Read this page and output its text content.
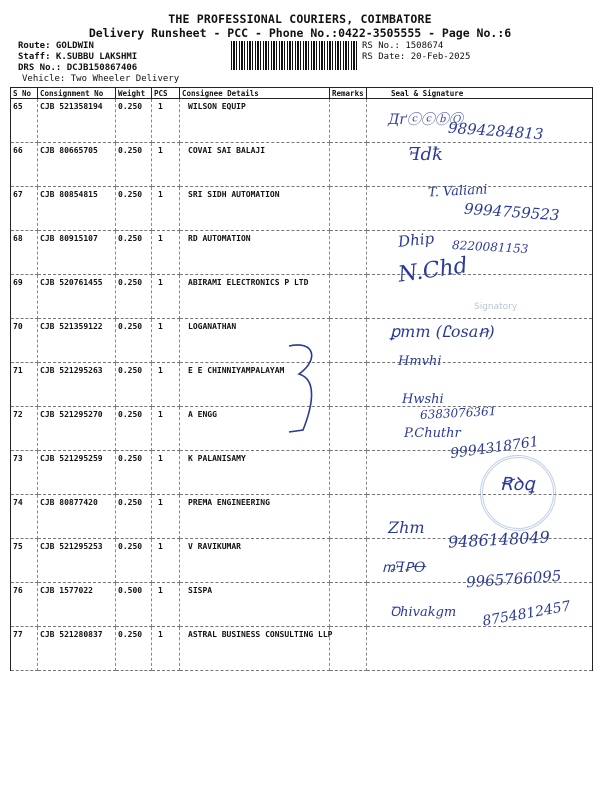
THE PROFESSIONAL COURIERS, COIMBATORE
Delivery Runsheet - PCC - Phone No.:0422-3505555 - Page No.:6
Route: GOLDWIN
Staff: K.SUBBU LAKSHMI
DRS No.: DCJB150867406
Vehicle: Two Wheeler Delivery
RS No.: 1508674
RS Date: 20-Feb-2025
S No	Consignment No	Weight	PCS	Consignee Details	Remarks	Seal & Signature
65	CJB 521358194	0.250	1	WILSON EQUIP		
66	CJB 80665705	0.250	1	COVAI SAI BALAJI		
67	CJB 80854815	0.250	1	SRI SIDH AUTOMATION		
68	CJB 80915107	0.250	1	RD AUTOMATION		
69	CJB 520761455	0.250	1	ABIRAMI ELECTRONICS P LTD		
70	CJB 521359122	0.250	1	LOGANATHAN		
71	CJB 521295263	0.250	1	E E CHINNIYAMPALAYAM		
72	CJB 521295270	0.250	1	A ENGG		
73	CJB 521295259	0.250	1	K PALANISAMY		
74	CJB 80877420	0.250	1	PREMA ENGINEERING		
75	CJB 521295253	0.250	1	V RAVIKUMAR		
76	CJB 1577022	0.500	1	SISPA		
77	CJB 521280837	0.250	1	ASTRAL BUSINESS CONSULTING LLP		
ДґⓒⓒⓑⓄ
9894284813
ꟻdꝁ
T. Valiani
9994759523
Dhip 8220081153
N.Chd
Signatory
ꝑmm (Ꮭosaꞥ)
Hmvhi
Hwshi
6383076361
P.Chuthr
9994318761
Ꞧꝺꝗ
Zhm 9486148049
ꬺꟻꝐꝊ	9965766095
Ꝺhivakgm 8754812457
